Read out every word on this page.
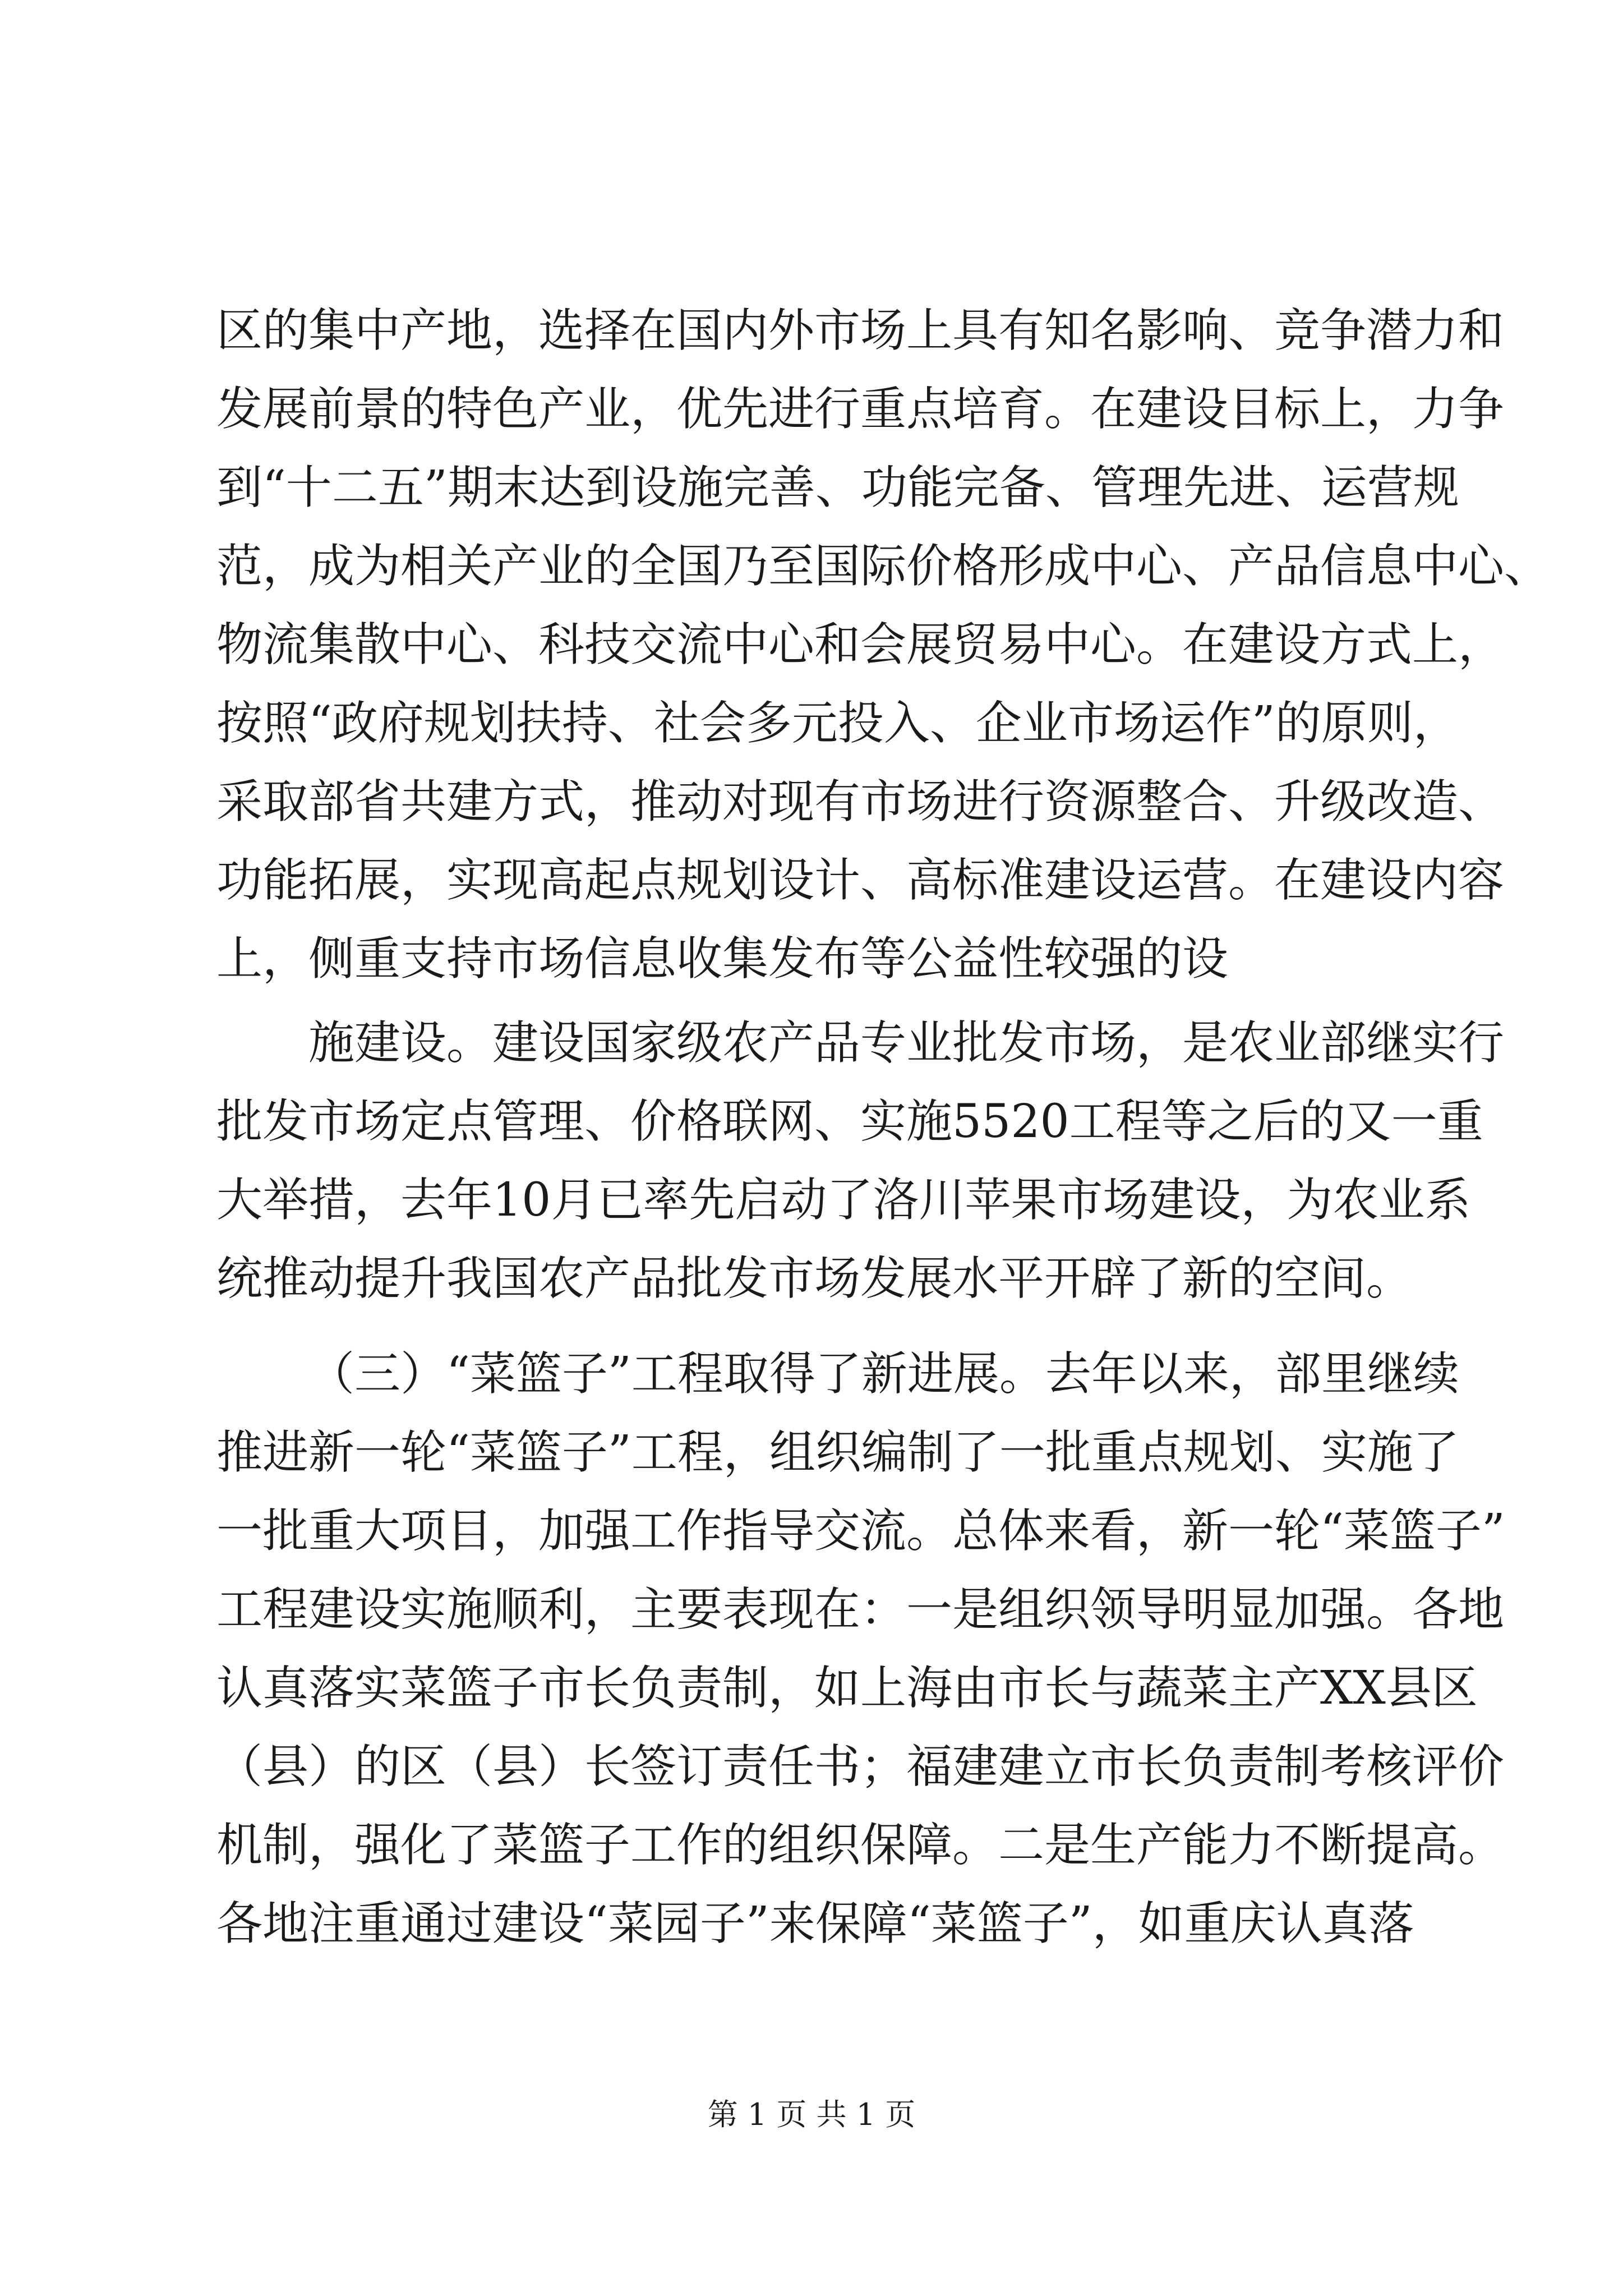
区的集中产地，选择在国内外市场上具有知名影响、竞争潜力和

发展前景的特色产业，优先进行重点培育。在建设目标上，力争

到“十二五”期末达到设施完善、功能完备、管理先进、运营规

范，成为相关产业的全国乃至国际价格形成中心、产品信息中心、

物流集散中心、科技交流中心和会展贸易中心。在建设方式上，

按照“政府规划扶持、社会多元投入、企业市场运作”的原则，

采取部省共建方式，推动对现有市场进行资源整合、升级改造、

功能拓展，实现高起点规划设计、高标准建设运营。在建设内容

上，侧重支持市场信息收集发布等公益性较强的设

施建设。建设国家级农产品专业批发市场，是农业部继实行

批发市场定点管理、价格联网、实施5520工程等之后的又一重

大举措，去年10月已率先启动了洛川苹果市场建设，为农业系

统推动提升我国农产品批发市场发展水平开辟了新的空间。

（三）“菜篮子”工程取得了新进展。去年以来，部里继续

推进新一轮“菜篮子”工程，组织编制了一批重点规划、实施了

一批重大项目，加强工作指导交流。总体来看，新一轮“菜篮子”

工程建设实施顺利，主要表现在：一是组织领导明显加强。各地

认真落实菜篮子市长负责制，如上海由市长与蔬菜主产XX县区

（县）的区（县）长签订责任书；福建建立市长负责制考核评价

机制，强化了菜篮子工作的组织保障。二是生产能力不断提高。

各地注重通过建设“菜园子”来保障“菜篮子”，如重庆认真落

第 1 页 共 1 页
